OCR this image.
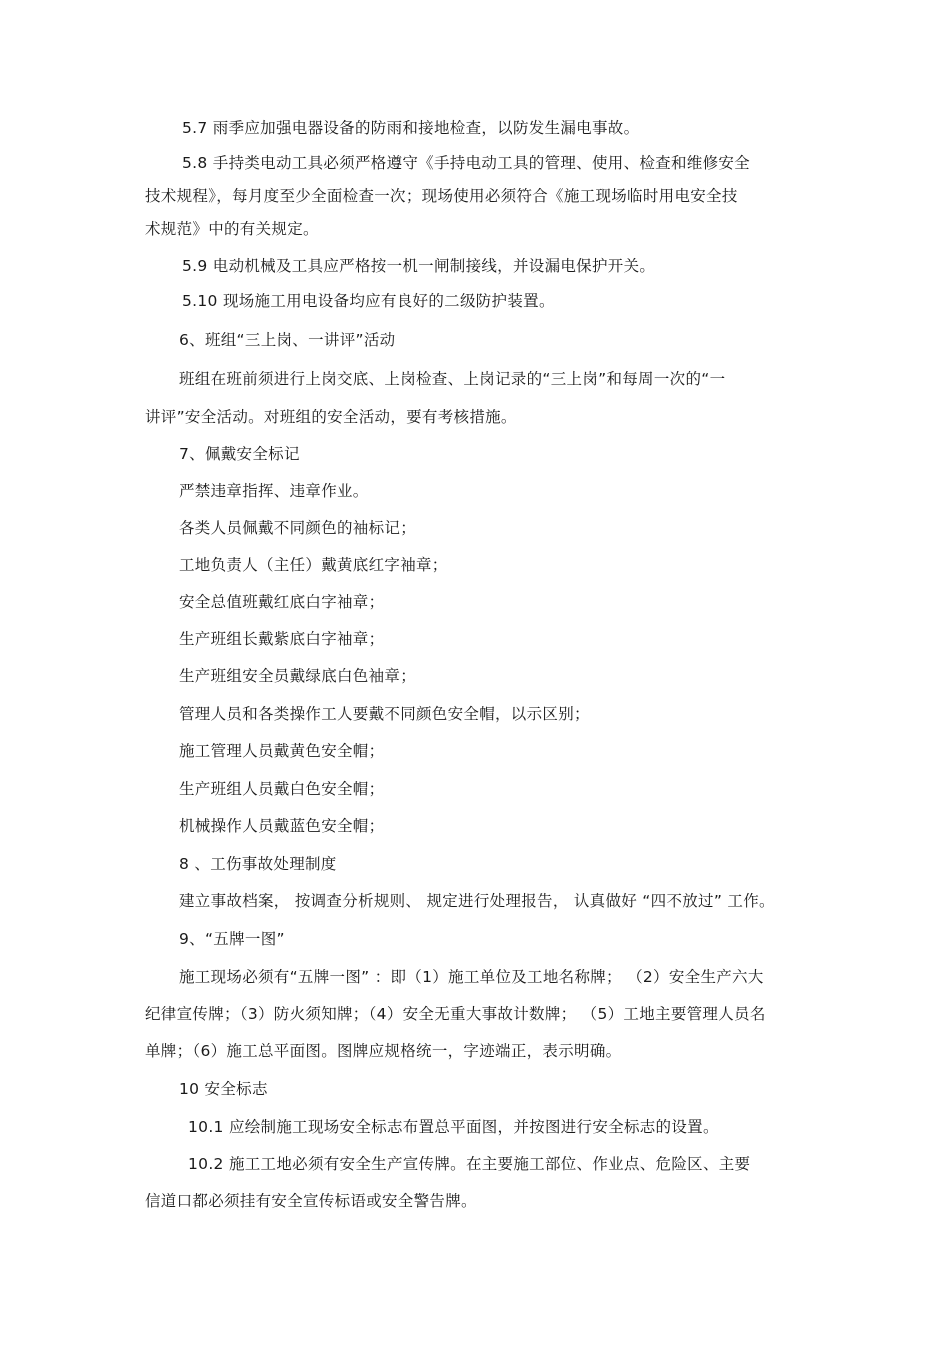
5.7 雨季应加强电器设备的防雨和接地检查，以防发生漏电事故。
5.8 手持类电动工具必须严格遵守《手持电动工具的管理、使用、检查和维修安全
技术规程》，每月度至少全面检查一次；现场使用必须符合《施工现场临时用电安全技
术规范》中的有关规定。
5.9 电动机械及工具应严格按一机一闸制接线，并设漏电保护开关。
5.10 现场施工用电设备均应有良好的二级防护装置。
6、班组“三上岗、一讲评”活动
班组在班前须进行上岗交底、上岗检查、上岗记录的“三上岗”和每周一次的“一
讲评”安全活动。对班组的安全活动，要有考核措施。
7、佩戴安全标记
严禁违章指挥、违章作业。
各类人员佩戴不同颜色的袖标记；
工地负责人（主任）戴黄底红字袖章；
安全总值班戴红底白字袖章；
生产班组长戴紫底白字袖章；
生产班组安全员戴绿底白色袖章；
管理人员和各类操作工人要戴不同颜色安全帽，以示区别；
施工管理人员戴黄色安全帽；
生产班组人员戴白色安全帽；
机械操作人员戴蓝色安全帽；
8 、工伤事故处理制度
建立事故档案， 按调查分析规则、 规定进行处理报告， 认真做好 “四不放过” 工作。
9、“五牌一图”
施工现场必须有“五牌一图” ：即（1）施工单位及工地名称牌； （2）安全生产六大
纪律宣传牌；（3）防火须知牌；（4）安全无重大事故计数牌； （5）工地主要管理人员名
单牌；（6）施工总平面图。图牌应规格统一，字迹端正，表示明确。
10 安全标志
10.1 应绘制施工现场安全标志布置总平面图，并按图进行安全标志的设置。
10.2 施工工地必须有安全生产宣传牌。在主要施工部位、作业点、危险区、主要
信道口都必须挂有安全宣传标语或安全警告牌。
